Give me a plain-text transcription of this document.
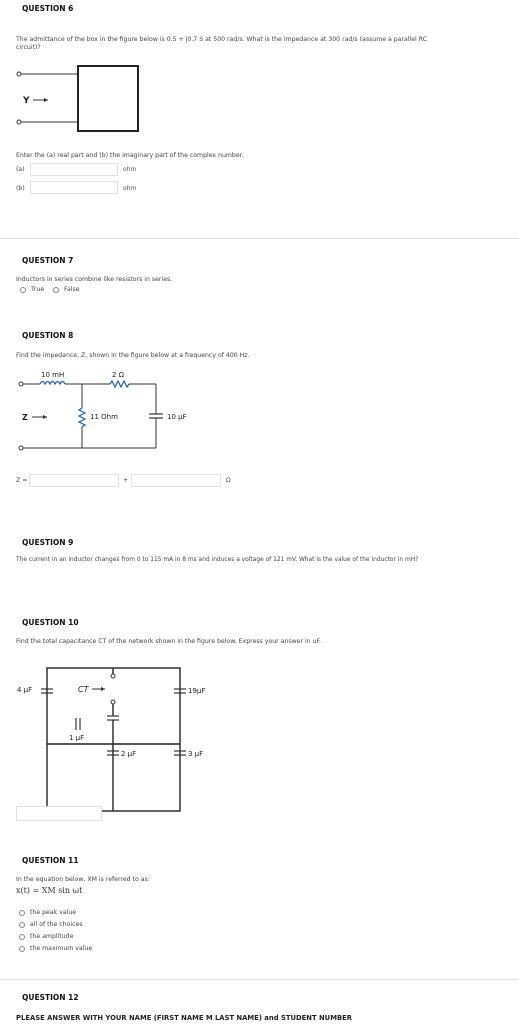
QUESTION 6
The admittance of the box in the figure below is 0.5 + j0.7 S at 500 rad/s. What is the impedance at 300 rad/s (assume a parallel RC
circuit)?
Y
Enter the (a) real part and (b) the imaginary part of the complex number.
(a)	ohm
(b)	ohm
QUESTION 7
Inductors in series combine like resistors in series.
True	False
QUESTION 8
Find the impedance, Z, shown in the figure below at a frequency of 400 Hz.
10 mH	2 Ω
11 Ohm	10 μF
Z
Z =	+	Ω
QUESTION 9
The current in an inductor changes from 0 to 115 mA in 8 ms and induces a voltage of 121 mV. What is the value of the inductor in mH?
QUESTION 10
Find the total capacitance CT of the network shown in the figure below. Express your answer in uF.
4 μF	CT	19μF
1 μF
2 μF	3 μF
QUESTION 11
In the equation below, XM is referred to as:
x(t) = XM sin ωt
the peak value
all of the choices
the amplitude
the maximum value
QUESTION 12
PLEASE ANSWER WITH YOUR NAME (FIRST NAME M LAST NAME) and STUDENT NUMBER
